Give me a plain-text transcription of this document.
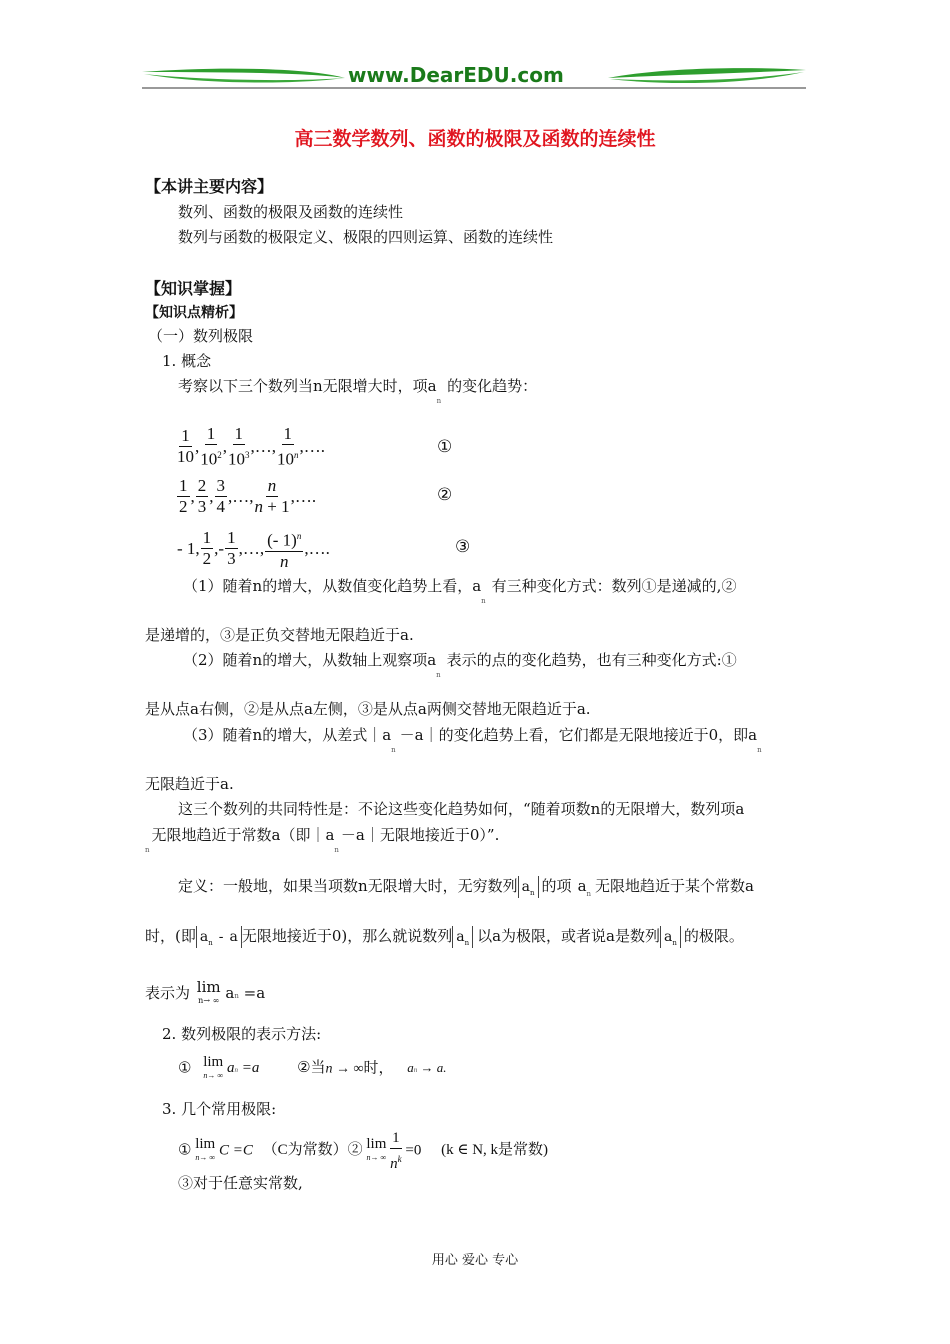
www.DearEDU.com
高三数学数列、函数的极限及函数的连续性
【本讲主要内容】
数列、函数的极限及函数的连续性
数列与函数的极限定义、极限的四则运算、函数的连续性
【知识掌握】
【知识点精析】
（一）数列极限
1. 概念
考察以下三个数列当n无限增大时，项$a_n$的变化趋势：
$\frac{1}{10}$ , $\frac{1}{10^2}$ , $\frac{1}{10^3}$ ,…, $\frac{1}{10^n}$ ,….	①
$\frac{1}{2}$ , $\frac{2}{3}$ , $\frac{3}{4}$ ,…, $\frac{n}{n + 1}$ ,….	②
- 1, $\frac{1}{2}$ ,- $\frac{1}{3}$ ,…, $\frac{(- 1)^n}{n}$ ,….	③
（1）随着n的增大，从数值变化趋势上看，$a_n$有三种变化方式：数列①是递减的,②
是递增的，③是正负交替地无限趋近于a.
（2）随着n的增大，从数轴上观察项$a_n$表示的点的变化趋势，也有三种变化方式:①
是从点a右侧，②是从点a左侧，③是从点a两侧交替地无限趋近于a.
（3）随着n的增大，从差式$|a_n-a|$的变化趋势上看，它们都是无限地接近于0，即$a_n$
无限趋近于a.
这三个数列的共同特性是：不论这些变化趋势如何，“随着项数n的无限增大，数列项a
$_n$无限地趋近于常数a（即$|a_n-a|$无限地接近于0）”.
定义：一般地，如果当项数n无限增大时，无穷数列 $a_n$ 的项 $a_n$ 无限地趋近于某个常数a
时，(即 $a_n$ - a 无限地接近于0)，那么就说数列 $a_n$ 以a为极限，或者说a是数列 $a_n$ 的极限。
表示为 lim
n→ ∞ an =a
2. 数列极限的表示方法:
① lim
n→ ∞ an =a	②当n → ∞时， an → a.
3. 几个常用极限:
① lim
n→ ∞ C =C （C为常数）② lim
n→ ∞
$\frac{1}{n^k} =0$ (k ∈ N, k是常数)
③对于任意实常数,
用心 爱心 专心
